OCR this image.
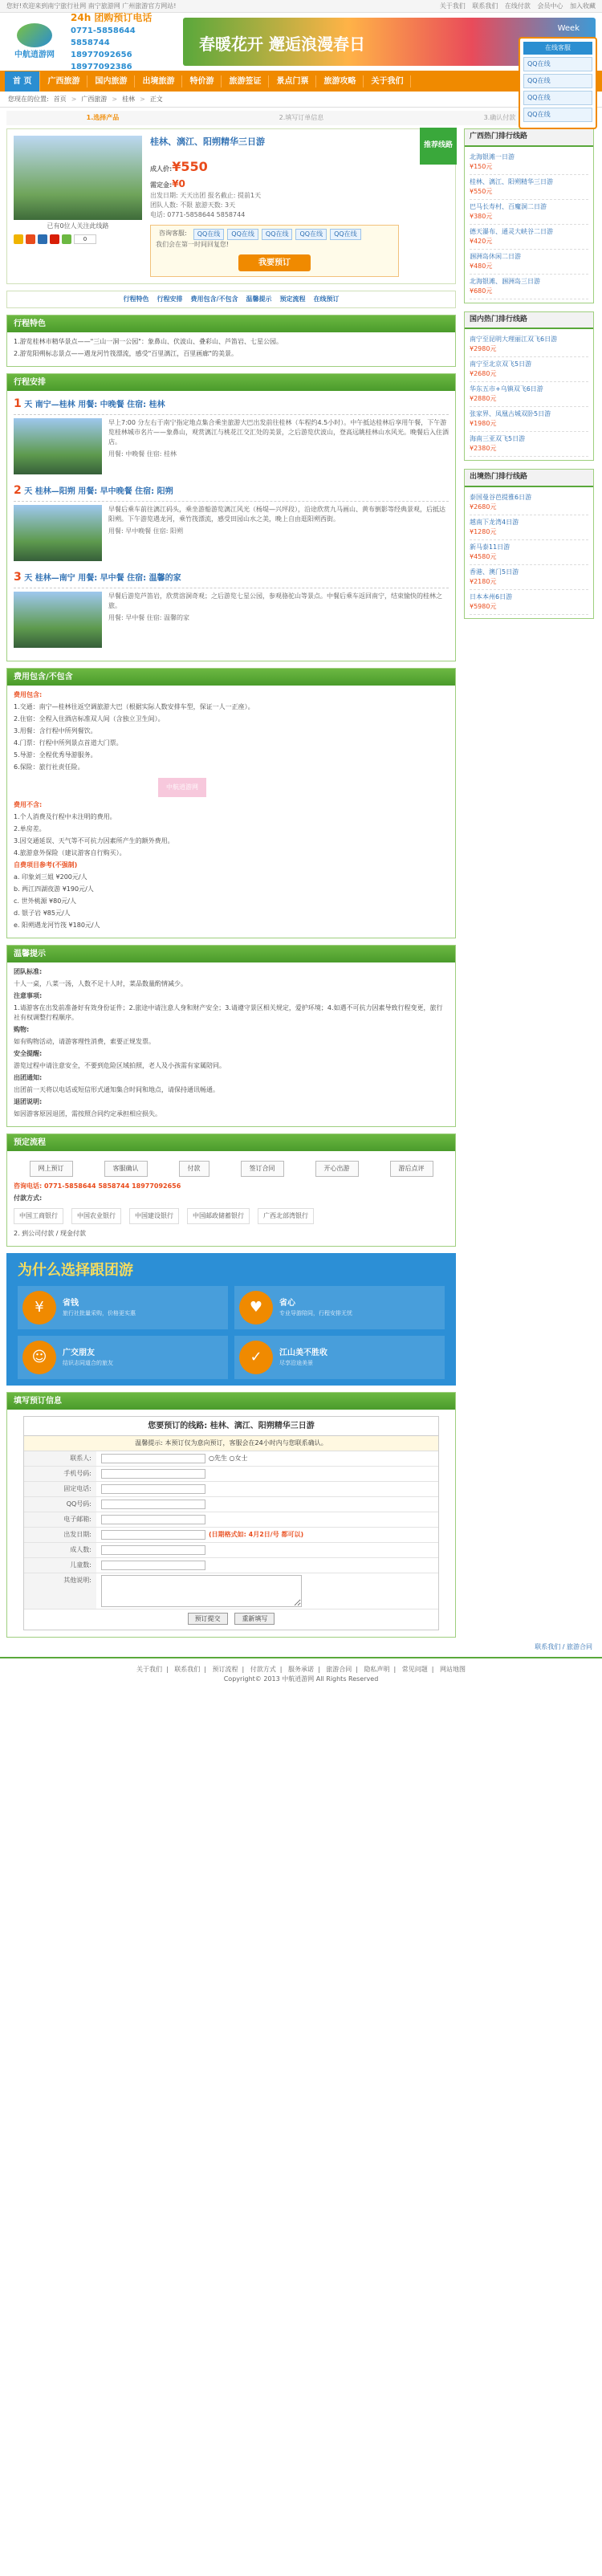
您好!欢迎来到南宁旅行社网 南宁旅游网 广州旅游官方网站!	关于我们 联系我们 在线付款 会员中心 加入收藏
中航逍游网
24h 团购预订电话
0771-5858644
5858744
18977092656
18977092386
春暖花开 邂逅浪漫春日
Week
首 页	广西旅游	国内旅游	出境旅游	特价游	旅游签证	景点门票	旅游攻略	关于我们
在线客服
QQ在线
QQ在线
QQ在线
QQ在线
您现在的位置: 首页 > 广西旅游 > 桂林 > 正文
1.选择产品	2.填写订单信息	3.确认付款
已有0位人关注此线路
0
桂林、漓江、阳朔精华三日游
成人价:¥550
需定金:¥0
出发日期: 天天出团 报名截止: 提前1天
团队人数: 不限 旅游天数: 3天
电话: 0771-5858644 5858744
咨询客服:	QQ在线	QQ在线	QQ在线	QQ在线	QQ在线
我们会在第一时间回复您!
我要预订
推荐线路
行程特色 行程安排 费用包含/不包含 温馨提示 预定流程 在线预订
行程特色

1.游览桂林市精华景点——"三山一洞一公园"：象鼻山、伏波山、叠彩山、芦笛岩、七星公园。

2.游览阳朔标志景点——遇龙河竹筏漂流，感受"百里漓江，百里画廊"的美景。

行程安排
1 天 南宁—桂林 用餐: 中晚餐 住宿: 桂林
早上7:00 分左右于南宁指定地点集合乘坐旅游大巴出发前往桂林（车程约4.5小时）。中午抵达桂林后享用午餐，下午游览桂林城市名片——象鼻山，观赏漓江与桃花江交汇处的美景，之后游览伏波山，登高远眺桂林山水风光。晚餐后入住酒店。
用餐: 中晚餐 住宿: 桂林
2 天 桂林—阳朔 用餐: 早中晚餐 住宿: 阳朔
早餐后乘车前往漓江码头，乘坐游船游览漓江风光（杨堤—兴坪段），沿途欣赏九马画山、黄布倒影等经典景观，后抵达阳朔。下午游览遇龙河，乘竹筏漂流，感受田园山水之美，晚上自由逛阳朔西街。
用餐: 早中晚餐 住宿: 阳朔
3 天 桂林—南宁 用餐: 早中餐 住宿: 温馨的家
早餐后游览芦笛岩，欣赏溶洞奇观；之后游览七星公园，参观骆驼山等景点。中餐后乘车返回南宁，结束愉快的桂林之旅。
用餐: 早中餐 住宿: 温馨的家
费用包含/不包含

费用包含:

1.交通：南宁—桂林往返空调旅游大巴（根据实际人数安排车型，保证一人一正座）。

2.住宿：全程入住酒店标准双人间（含独立卫生间）。

3.用餐：含行程中所列餐饮。

4.门票：行程中所列景点首道大门票。

5.导游：全程优秀导游服务。

6.保险：旅行社责任险。

中航逍游网

费用不含:

1.个人消费及行程中未注明的费用。

2.单房差。

3.因交通延误、天气等不可抗力因素所产生的额外费用。

4.旅游意外保险（建议游客自行购买）。

自费项目参考(不强制)

a. 印象刘三姐 ¥200元/人

b. 两江四湖夜游 ¥190元/人

c. 世外桃源 ¥80元/人

d. 银子岩 ¥85元/人

e. 阳朔遇龙河竹筏 ¥180元/人

温馨提示

团队标准:

十人一桌，八菜一汤，人数不足十人时，菜品数量酌情减少。

注意事项:

1.请游客在出发前准备好有效身份证件；2.旅途中请注意人身和财产安全；3.请遵守景区相关规定，爱护环境；4.如遇不可抗力因素导致行程变更，旅行社有权调整行程顺序。

购物:

如有购物活动，请游客理性消费，索要正规发票。

安全提醒:

游览过程中请注意安全，不要到危险区域拍照，老人及小孩需有家属陪同。

出团通知:

出团前一天将以电话或短信形式通知集合时间和地点，请保持通讯畅通。

退团说明:

如因游客原因退团，需按照合同约定承担相应损失。

预定流程
网上预订	客服确认	付款	签订合同	开心出游	游后点评

咨询电话: 0771-5858644 5858744 18977092656

付款方式:

中国工商银行	中国农业银行	中国建设银行	中国邮政储蓄银行	广西北部湾银行

2. 到公司付款 / 现金付款

为什么选择跟团游
¥	省钱
旅行社批量采购，价格更实惠	♥	省心
专业导游陪同，行程安排无忧
☺	广交朋友
结识志同道合的旅友	✓	江山美不胜收
尽享沿途美景
填写预订信息
您要预订的线路: 桂林、漓江、阳朔精华三日游
温馨提示: 本预订仅为意向预订，客服会在24小时内与您联系确认。
联系人:	○先生 ○女士
手机号码:
固定电话:
QQ号码:
电子邮箱:
出发日期:	(日期格式如: 4月2日/号 都可以)
成人数:
儿童数:
其他说明:
预订提交	重新填写
广西热门排行线路
北海银滩一日游
¥150元
桂林、漓江、阳朔精华三日游
¥550元
巴马长寿村、百魔洞二日游
¥380元
德天瀑布、通灵大峡谷二日游
¥420元
涠洲岛休闲二日游
¥480元
北海银滩、涠洲岛三日游
¥680元
国内热门排行线路
南宁至昆明大理丽江双飞6日游
¥2980元
南宁至北京双飞5日游
¥2680元
华东五市+乌镇双飞6日游
¥2880元
张家界、凤凰古城双卧5日游
¥1980元
海南三亚双飞5日游
¥2380元
出境热门排行线路
泰国曼谷芭提雅6日游
¥2680元
越南下龙湾4日游
¥1280元
新马泰11日游
¥4580元
香港、澳门5日游
¥2180元
日本本州6日游
¥5980元
联系我们 / 旅游合同
关于我们 | 联系我们 | 预订流程 | 付款方式 | 服务承诺 | 旅游合同 | 隐私声明 | 常见问题 | 网站地图
Copyright© 2013 中航逍游网 All Rights Reserved
